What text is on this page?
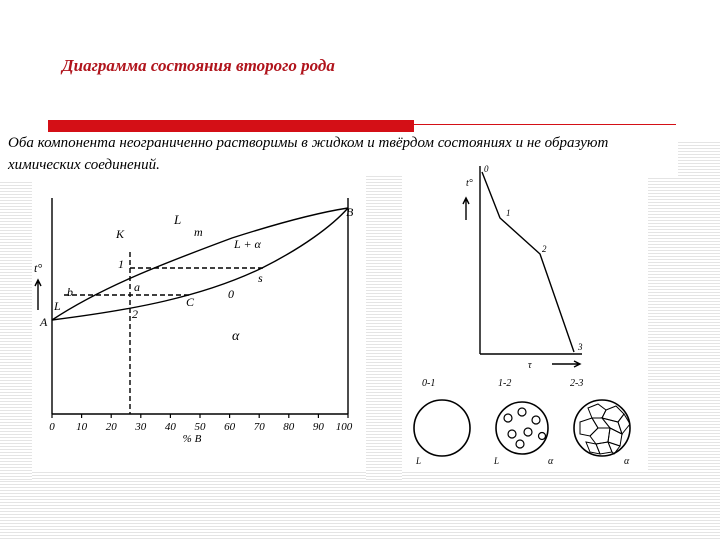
Диаграмма состояния второго рода
Оба компонента неограниченно растворимы в жидком и твёрдом состояниях и не образуют химических соединений.
t°
А
В
K
1
2
a
b
L	C
s
0
m
L
L + α
α
0 10 20 30 40 50 60 70 80 90 100
% В
t°
τ
0
1
2
3
0-1	1-2	2-3
L	L	α	α
